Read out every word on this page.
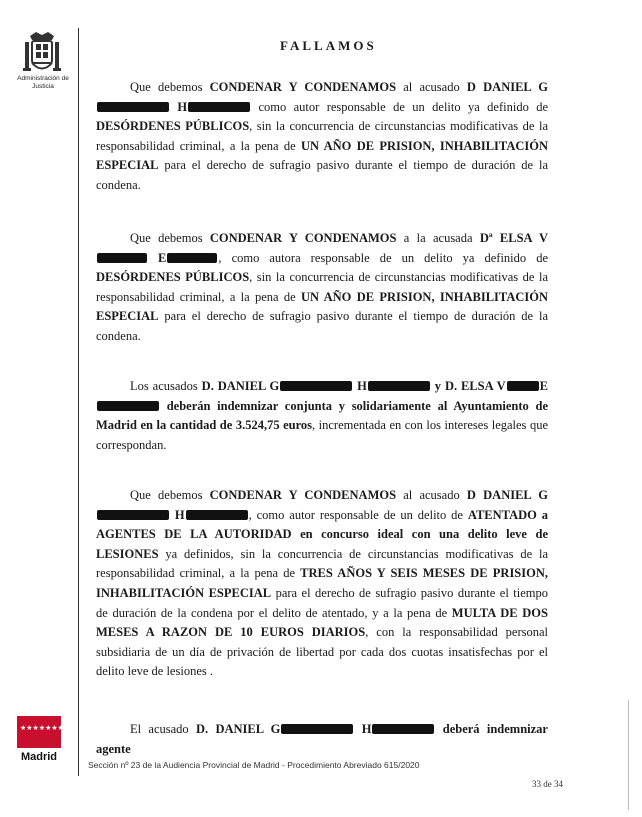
Administración de Justicia
FALLAMOS
Que debemos CONDENAR Y CONDENAMOS al acusado D DANIEL G H	como autor responsable de un delito ya definido de DESÓRDENES PÚBLICOS, sin la concurrencia de circunstancias modificativas de la responsabilidad criminal, a la pena de UN AÑO DE PRISION, INHABILITACIÓN ESPECIAL para el derecho de sufragio pasivo durante el tiempo de duración de la condena.
Que debemos CONDENAR Y CONDENAMOS a la acusada Dª ELSA V E	, como autora responsable de un delito ya definido de DESÓRDENES PÚBLICOS, sin la concurrencia de circunstancias modificativas de la responsabilidad criminal, a la pena de UN AÑO DE PRISION, INHABILITACIÓN ESPECIAL para el derecho de sufragio pasivo durante el tiempo de duración de la condena.
Los acusados D. DANIEL G	H	y D. ELSA V	E deberán indemnizar conjunta y solidariamente al Ayuntamiento de Madrid en la cantidad de 3.524,75 euros, incrementada en con los intereses legales que correspondan.
Que debemos CONDENAR Y CONDENAMOS al acusado D DANIEL G H	, como autor responsable de un delito de ATENTADO a AGENTES DE LA AUTORIDAD en concurso ideal con una delito leve de LESIONES ya definidos, sin la concurrencia de circunstancias modificativas de la responsabilidad criminal, a la pena de TRES AÑOS Y SEIS MESES DE PRISION, INHABILITACIÓN ESPECIAL para el derecho de sufragio pasivo durante el tiempo de duración de la condena por el delito de atentado, y a la pena de MULTA DE DOS MESES A RAZON DE 10 EUROS DIARIOS, con la responsabilidad personal subsidiaria de un día de privación de libertad por cada dos cuotas insatisfechas por el delito leve de lesiones .
El acusado D. DANIEL G	H	deberá indemnizar agente
★★★★★★★
Madrid
Sección nº 23 de la Audiencia Provincial de Madrid - Procedimiento Abreviado 615/2020
33 de 34
